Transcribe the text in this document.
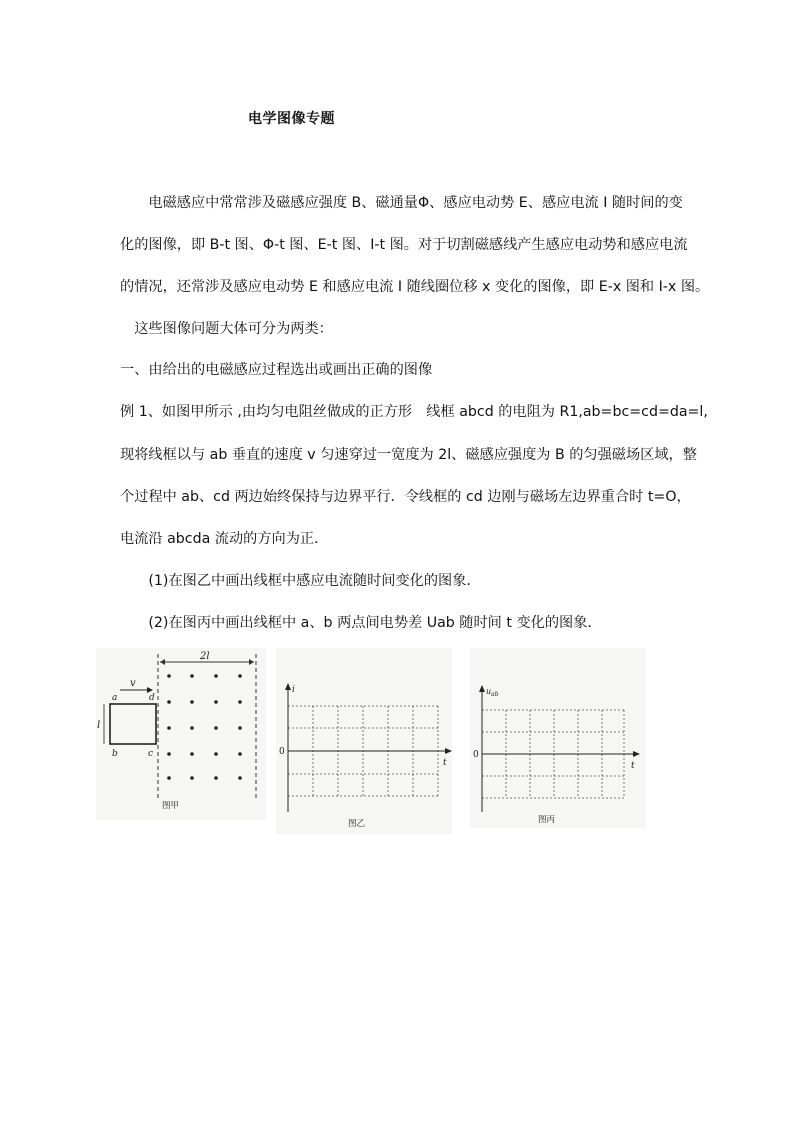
电学图像专题
　　电磁感应中常常涉及磁感应强度 B、磁通量Φ、感应电动势 E、感应电流 I 随时间的变
化的图像，即 B-t 图、Φ-t 图、E-t 图、I-t 图。对于切割磁感线产生感应电动势和感应电流
的情况，还常涉及感应电动势 E 和感应电流 I 随线圈位移 x 变化的图像，即 E-x 图和 I-x 图。
　这些图像问题大体可分为两类：
一、由给出的电磁感应过程选出或画出正确的图像
例 1、如图甲所示 ,由均匀电阻丝做成的正方形　线框 abcd 的电阻为 R1,ab=bc=cd=da=l,
现将线框以与 ab 垂直的速度 v 匀速穿过一宽度为 2l、磁感应强度为 B 的匀强磁场区域，整
个过程中 ab、cd 两边始终保持与边界平行．令线框的 cd 边刚与磁场左边界重合时 t=O，
电流沿 abcda 流动的方向为正．
　　(1)在图乙中画出线框中感应电流随时间变化的图象．
　　(2)在图丙中画出线框中 a、b 两点间电势差 Uab 随时间 t 变化的图象．
2l
v
l
a
b	c
d
图甲
i
t
0
图乙
$u_{ab}$
t
0
图丙
